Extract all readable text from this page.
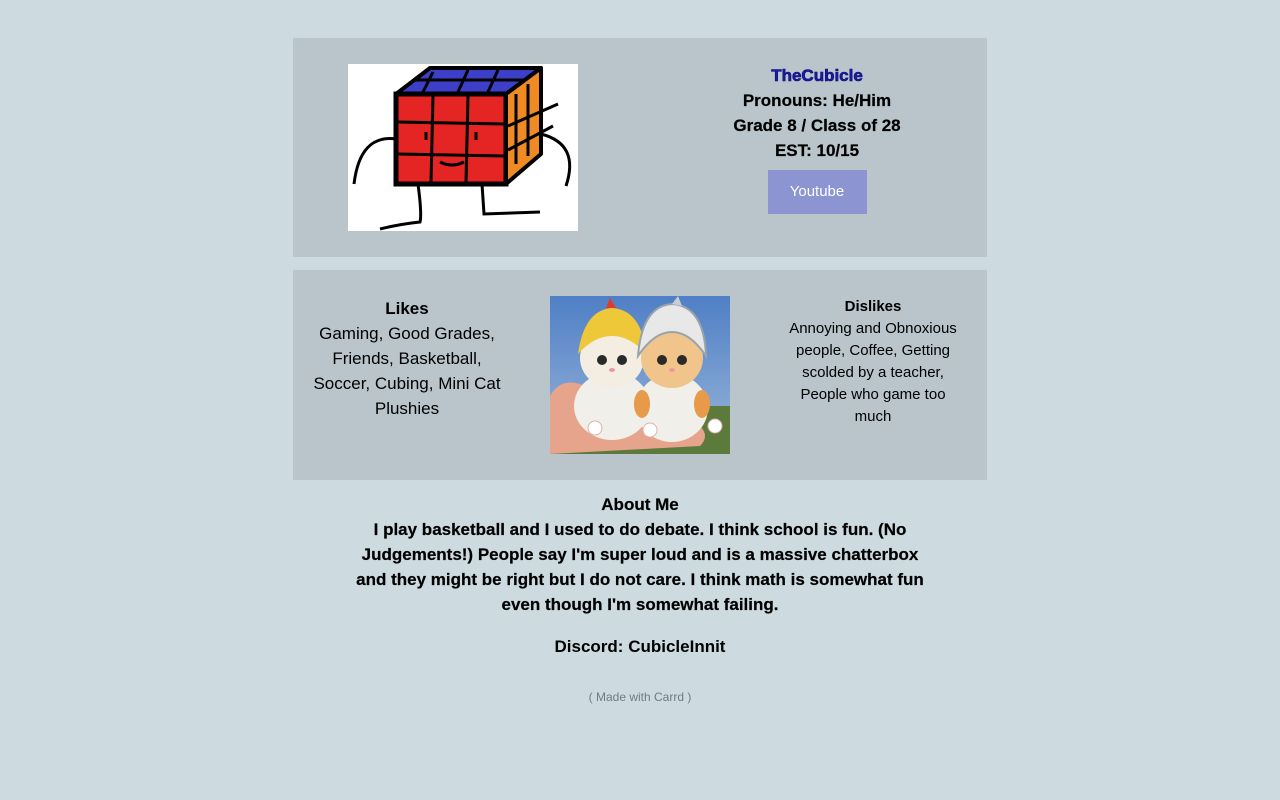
TheCubicle
Pronouns: He/Him
Grade 8 / Class of 28
EST: 10/15
Youtube
Likes
Gaming, Good Grades, Friends, Basketball, Soccer, Cubing, Mini Cat Plushies
Dislikes
Annoying and Obnoxious people, Coffee, Getting scolded by a teacher, People who game too much
About Me
I play basketball and I used to do debate. I think school is fun. (No Judgements!) People say I'm super loud and is a massive chatterbox and they might be right but I do not care. I think math is somewhat fun even though I'm somewhat failing.
Discord: CubicleInnit
( Made with Carrd )
